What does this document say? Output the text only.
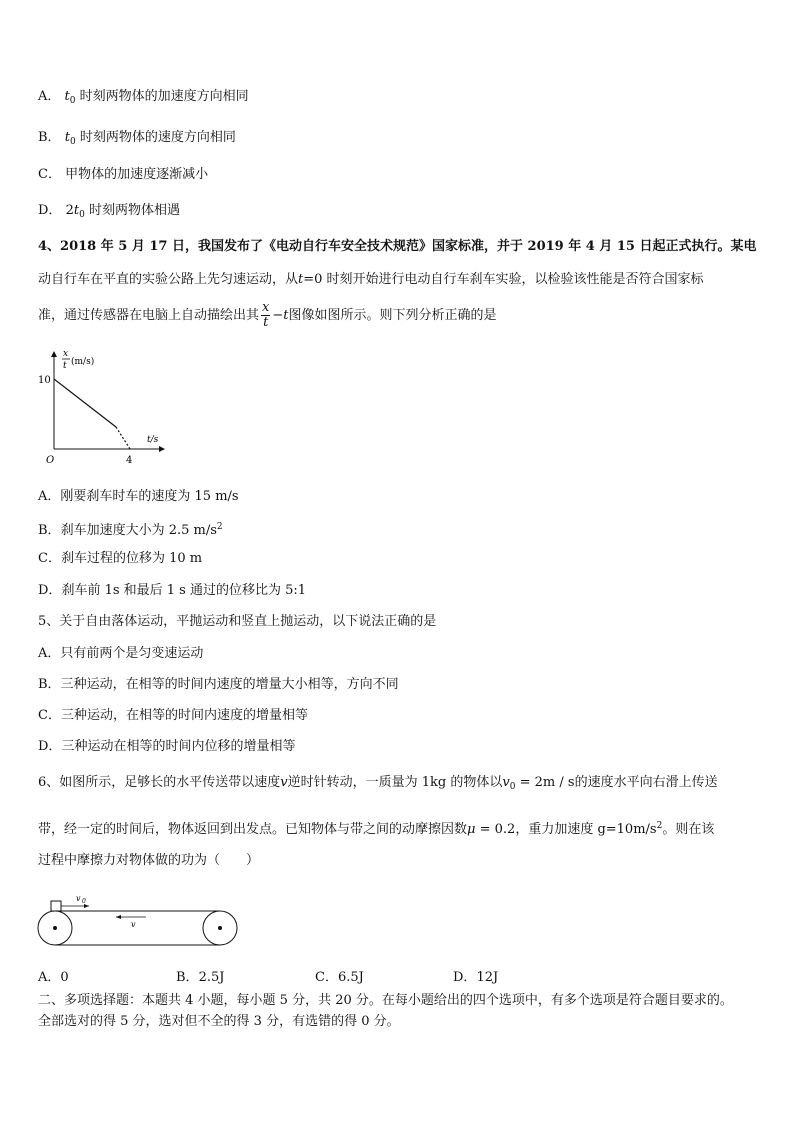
A． $t_0$ 时刻两物体的加速度方向相同
B． $t_0$ 时刻两物体的速度方向相同
C． 甲物体的加速度逐渐减小
D． $2t_0$ 时刻两物体相遇
4、2018 年 5 月 17 日，我国发布了《电动自行车安全技术规范》国家标准，并于 2019 年 4 月 15 日起正式执行。某电
动自行车在平直的实验公路上先匀速运动，从t=0 时刻开始进行电动自行车刹车实验，以检验该性能是否符合国家标
准，通过传感器在电脑上自动描绘出其 $\frac{x}{t} -t$图像如图所示。则下列分析正确的是
x
t (m/s)
10
t/s
O	4
A．刚要刹车时车的速度为 15 m/s
B．刹车加速度大小为 2.5 $m/s^2$
C．刹车过程的位移为 10 m
D．刹车前 1s 和最后 1 s 通过的位移比为 5:1
5、关于自由落体运动，平抛运动和竖直上抛运动，以下说法正确的是
A．只有前两个是匀变速运动
B．三种运动，在相等的时间内速度的增量大小相等，方向不同
C．三种运动，在相等的时间内速度的增量相等
D．三种运动在相等的时间内位移的增量相等
6、如图所示，足够长的水平传送带以速度v逆时针转动，一质量为 1kg 的物体以$v_0 = 2m / s$的速度水平向右滑上传送
带，经一定的时间后，物体返回到出发点。已知物体与带之间的动摩擦因数μ = 0.2，重力加速度 $g=10m/s^2$。则在该
过程中摩擦力对物体做的功为（　　）
v 0
v
A．0	B．2.5J	C．6.5J	D．12J
二、多项选择题：本题共 4 小题，每小题 5 分，共 20 分。在每小题给出的四个选项中，有多个选项是符合题目要求的。
全部选对的得 5 分，选对但不全的得 3 分，有选错的得 0 分。
